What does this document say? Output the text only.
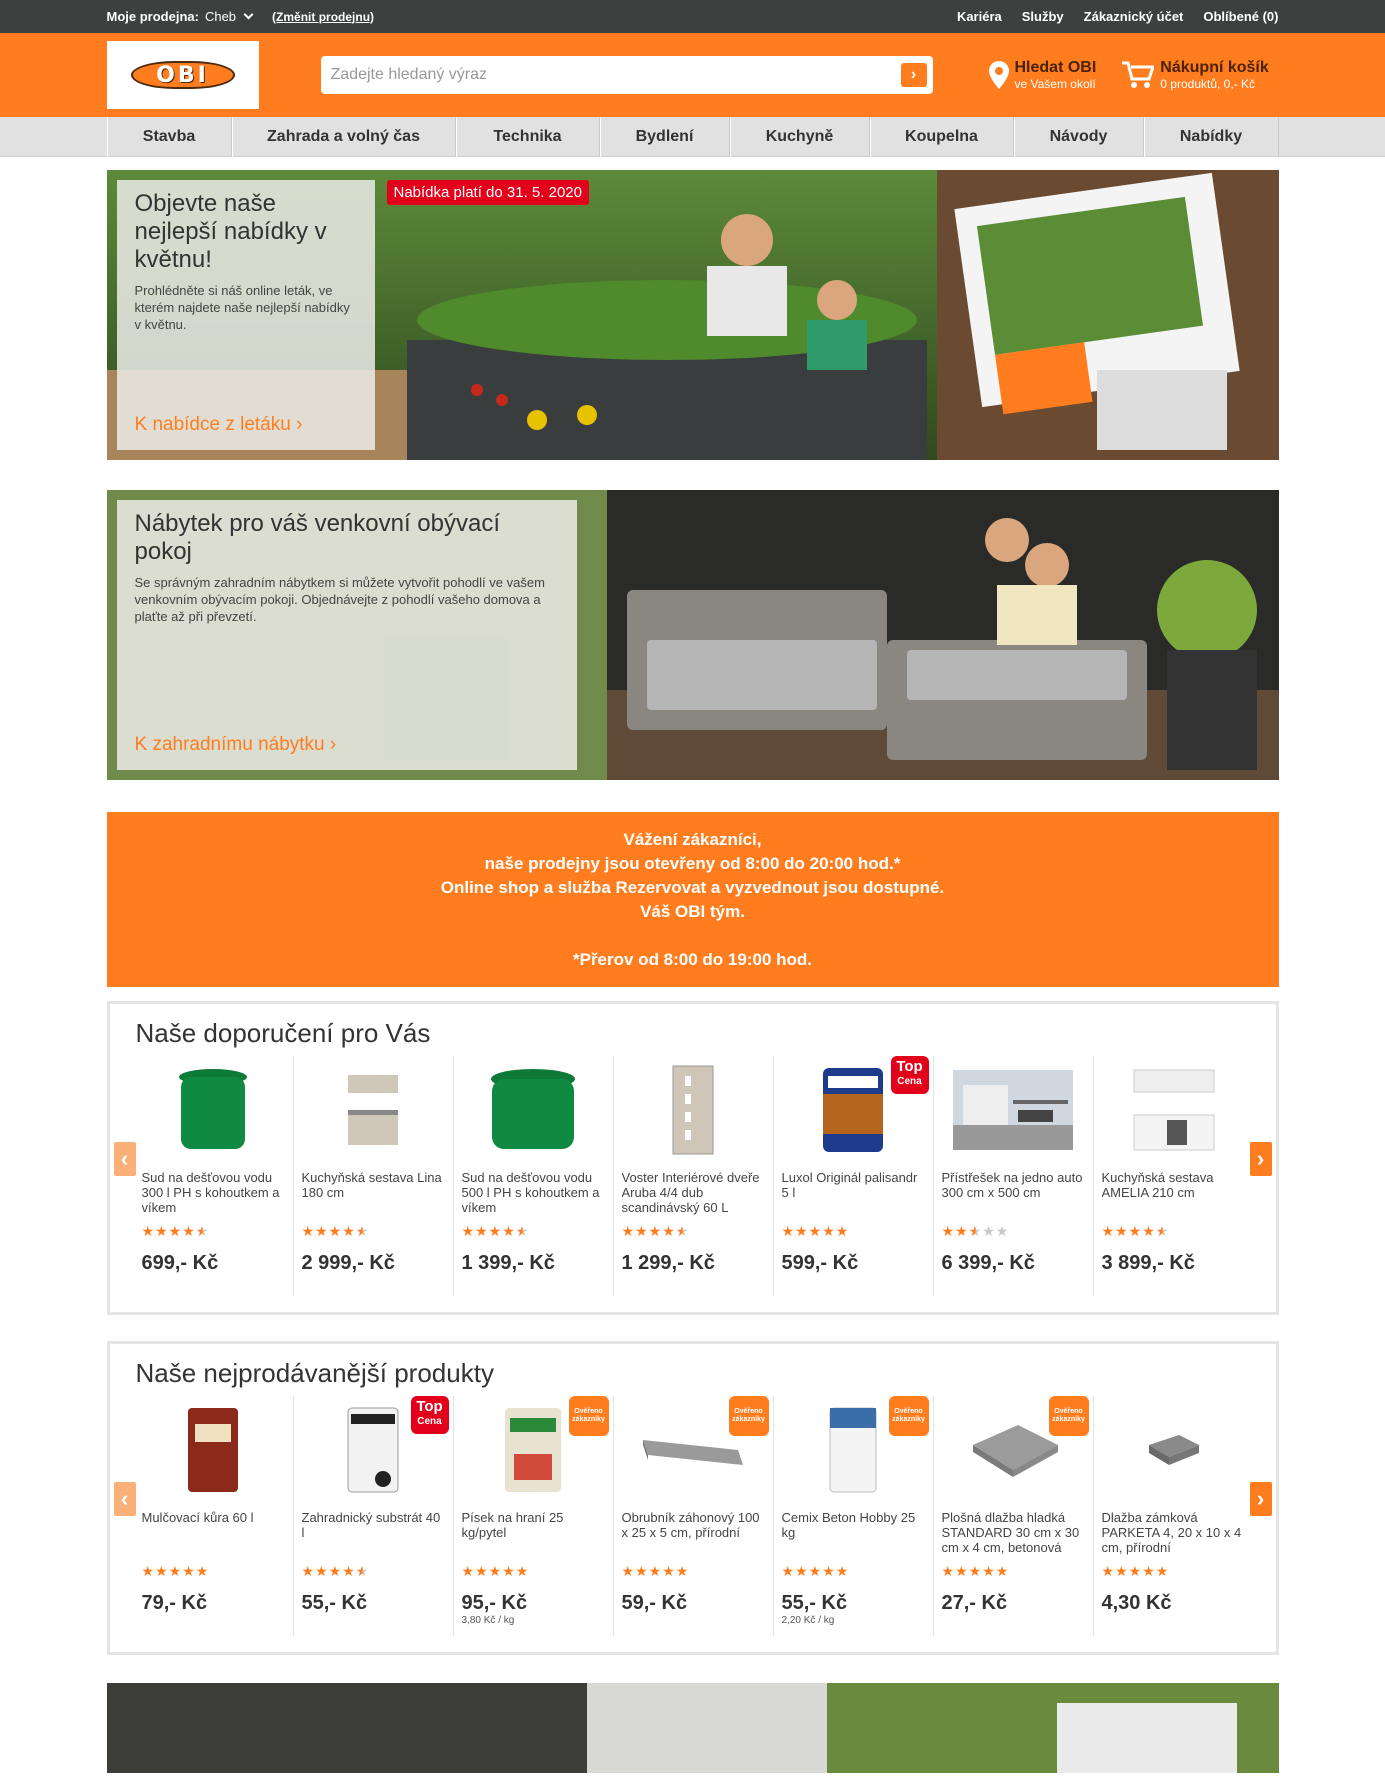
Moje prodejna: Cheb	(Změnit prodejnu)	Kariéra Služby Zákaznický účet Oblíbené (0)
OBI
Zadejte hledaný výraz	›	Hledat OBI
ve Vašem okolí
Nákupní košík
0 produktů, 0,- Kč
Stavba	Zahrada a volný čas	Technika	Bydlení	Kuchyně	Koupelna	Návody	Nabídky
Objevte naše nejlepší nabídky v květnu!

Prohlédněte si náš online leták, ve kterém najdete naše nejlepší nabídky v květnu.

K nabídce z letáku ›
Nabídka platí do 31. 5. 2020
Nábytek pro váš venkovní obývací pokoj

Se správným zahradním nábytkem si můžete vytvořit pohodlí ve vašem venkovním obývacím pokoji. Objednávejte z pohodlí vašeho domova a plaťte až při převzetí.

K zahradnímu nábytku ›
Vážení zákazníci,
naše prodejny jsou otevřeny od 8:00 do 20:00 hod.*
Online shop a služba Rezervovat a vyzvednout jsou dostupné.
Váš OBI tým.
*Přerov od 8:00 do 19:00 hod.
Naše doporučení pro Vás
Sud na dešťovou vodu 300 l PH s kohoutkem a víkem
★★★★★
699,- Kč
Kuchyňská sestava Lina 180 cm
★★★★★
2 999,- Kč
Sud na dešťovou vodu 500 l PH s kohoutkem a víkem
★★★★★
1 399,- Kč
Voster Interiérové dveře Aruba 4/4 dub scandinávský 60 L
★★★★★
1 299,- Kč
Top
Cena
Luxol Originál palisandr 5 l
★★★★★
599,- Kč
Přístřešek na jedno auto 300 cm x 500 cm
★★★★★
6 399,- Kč
Kuchyňská sestava AMELIA 210 cm
★★★★★
3 899,- Kč
‹	›
Naše nejprodávanější produkty
Mulčovací kůra 60 l
★★★★★
79,- Kč
Top
Cena
Zahradnický substrát 40 l
★★★★★
55,- Kč
Ověřeno zákazníky
Písek na hraní 25 kg/pytel
★★★★★
95,- Kč
3,80 Kč / kg
Ověřeno zákazníky
Obrubník záhonový 100 x 25 x 5 cm, přírodní
★★★★★
59,- Kč
Ověřeno zákazníky
Cemix Beton Hobby 25 kg
★★★★★
55,- Kč
2,20 Kč / kg
Ověřeno zákazníky
Plošná dlažba hladká STANDARD 30 cm x 30 cm x 4 cm, betonová
★★★★★
27,- Kč
Dlažba zámková PARKETA 4, 20 x 10 x 4 cm, přírodní
★★★★★
4,30 Kč
‹	›
